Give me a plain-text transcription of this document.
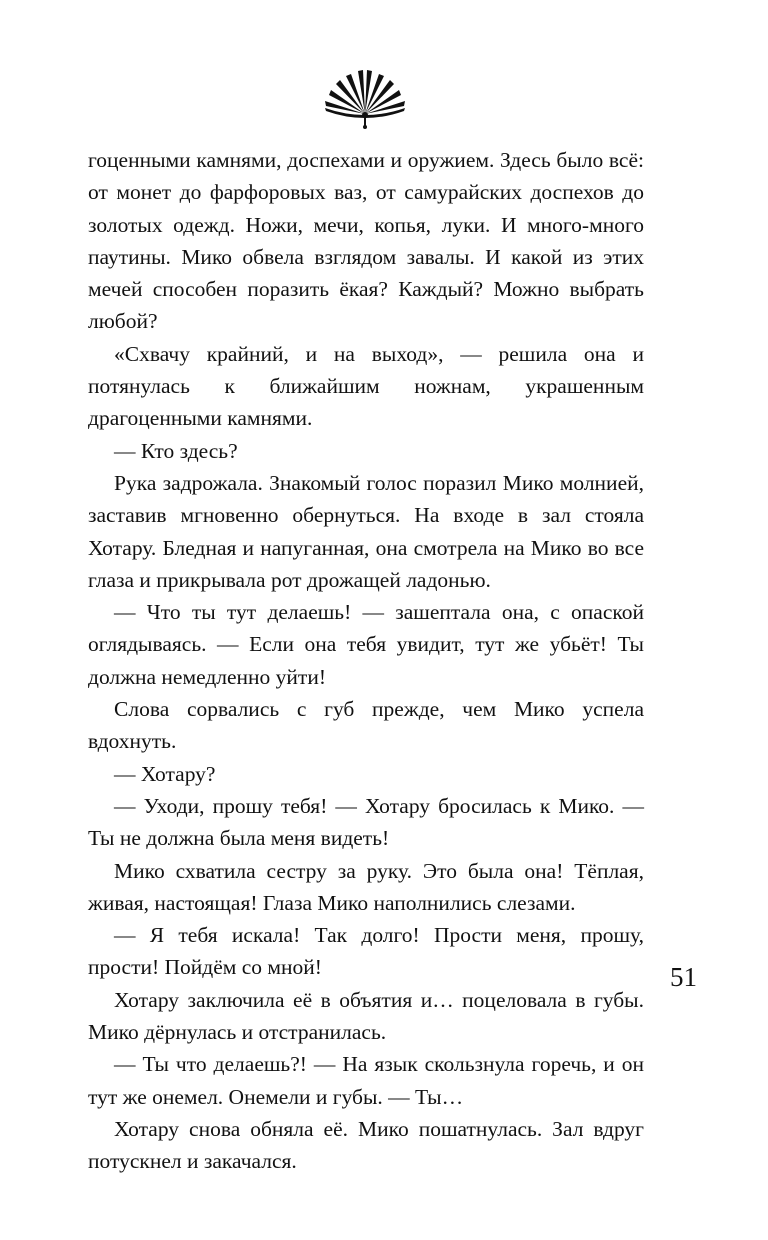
гоценными камнями, доспехами и оружием. Здесь было всё: от монет до фарфоровых ваз, от самурайских доспехов до золотых одежд. Ножи, мечи, копья, луки. И много-много паутины. Мико обвела взглядом завалы. И какой из этих мечей способен поразить ёкая? Каждый? Можно выбрать любой?

«Схвачу крайний, и на выход», — решила она и потянулась к ближайшим ножнам, украшенным драгоценными камнями.

— Кто здесь?

Рука задрожала. Знакомый голос поразил Мико молнией, заставив мгновенно обернуться. На входе в зал стояла Хотару. Бледная и напуганная, она смотрела на Мико во все глаза и прикрывала рот дрожащей ладонью.

— Что ты тут делаешь! — зашептала она, с опаской оглядываясь. — Если она тебя увидит, тут же убьёт! Ты должна немедленно уйти!

Слова сорвались с губ прежде, чем Мико успела вдохнуть.

— Хотару?

— Уходи, прошу тебя! — Хотару бросилась к Мико. — Ты не должна была меня видеть!

Мико схватила сестру за руку. Это была она! Тёплая, живая, настоящая! Глаза Мико наполнились слезами.

— Я тебя искала! Так долго! Прости меня, прошу, прости! Пойдём со мной!

Хотару заключила её в объятия и… поцеловала в губы. Мико дёрнулась и отстранилась.

— Ты что делаешь?! — На язык скользнула горечь, и он тут же онемел. Онемели и губы. — Ты…

Хотару снова обняла её. Мико пошатнулась. Зал вдруг потускнел и закачался.

51
